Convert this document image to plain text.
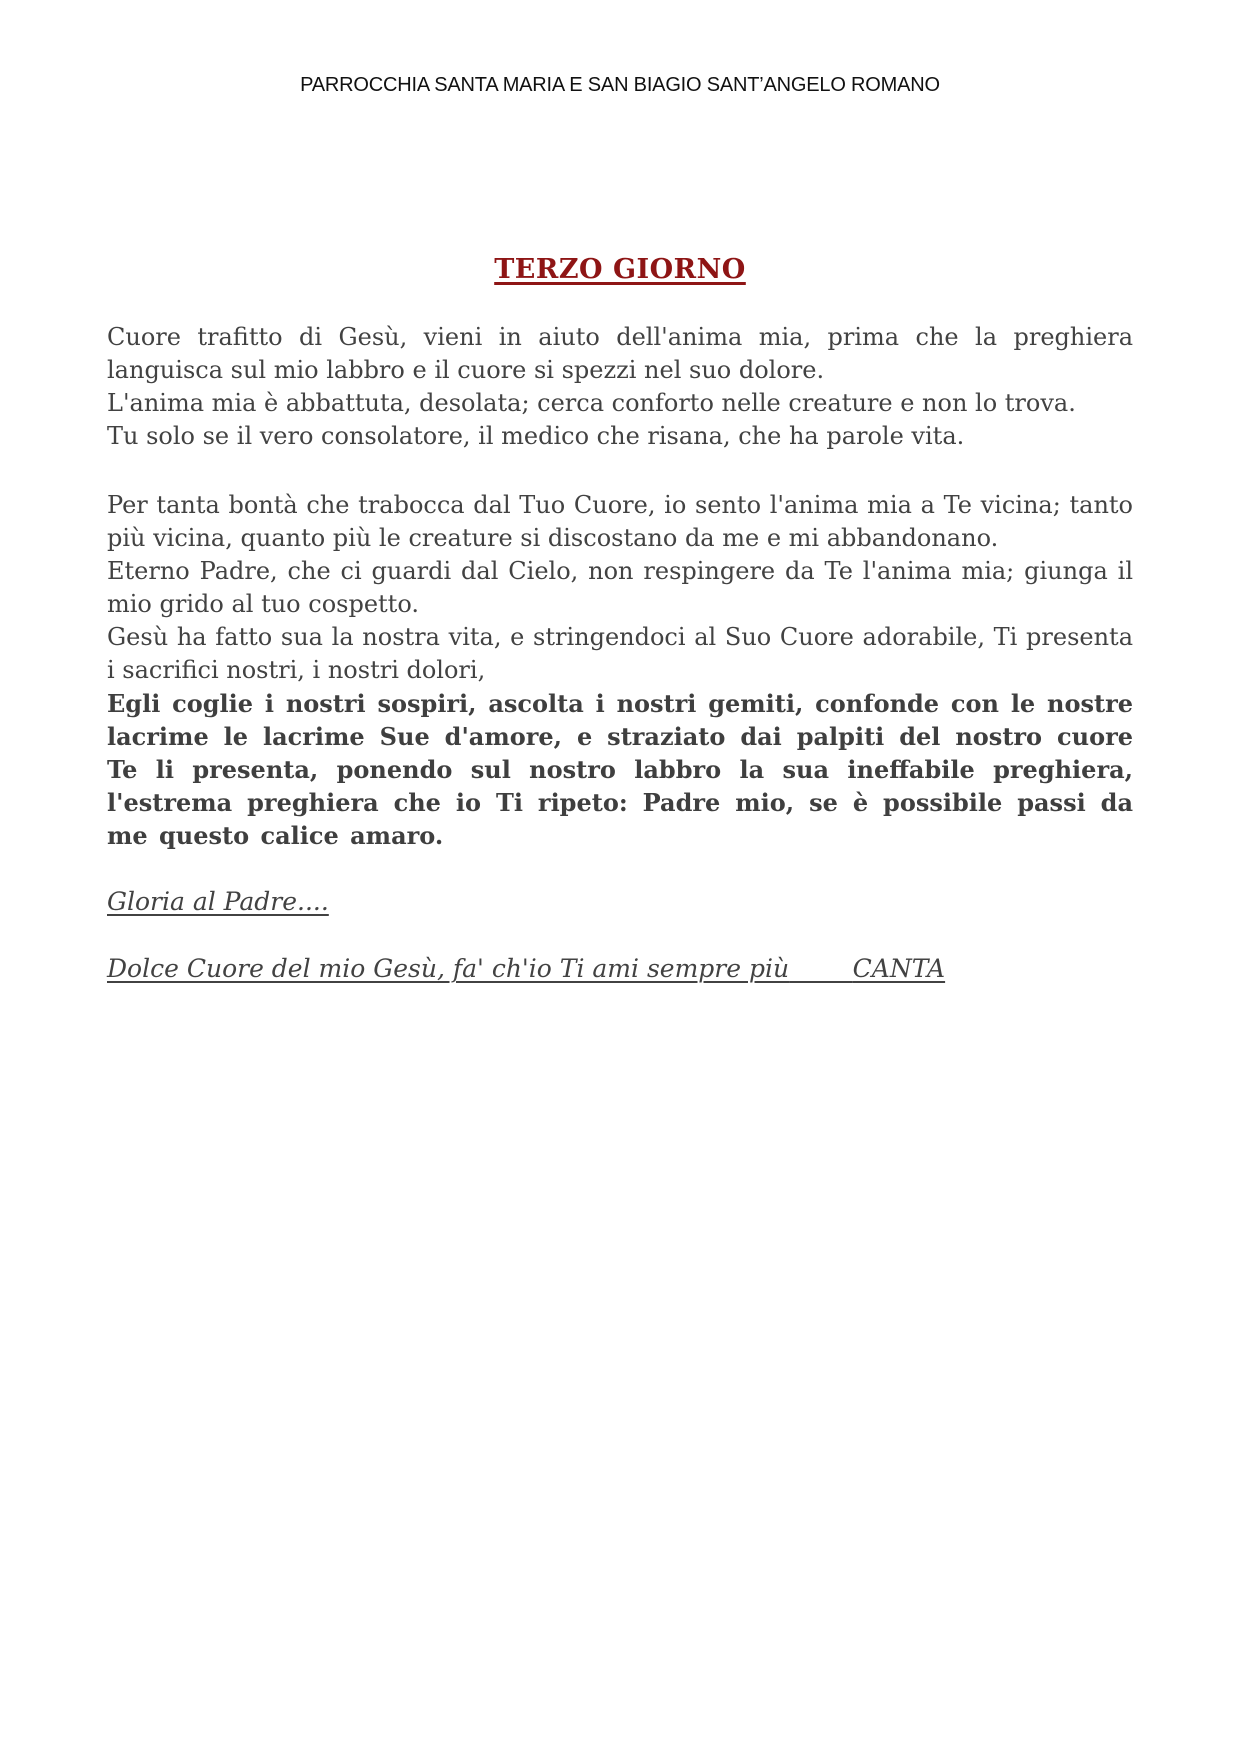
PARROCCHIA SANTA MARIA E SAN BIAGIO SANT’ANGELO ROMANO
TERZO GIORNO
Cuore trafitto di Gesù, vieni in aiuto dell'anima mia, prima che la preghiera languisca sul mio labbro e il cuore si spezzi nel suo dolore.
L'anima mia è abbattuta, desolata; cerca conforto nelle creature e non lo trova.
Tu solo se il vero consolatore, il medico che risana, che ha parole vita.
Per tanta bontà che trabocca dal Tuo Cuore, io sento l'anima mia a Te vicina; tanto più vicina, quanto più le creature si discostano da me e mi abbandonano.
Eterno Padre, che ci guardi dal Cielo, non respingere da Te l'anima mia; giunga il mio grido al tuo cospetto.
Gesù ha fatto sua la nostra vita, e stringendoci al Suo Cuore adorabile, Ti presenta i sacrifici nostri, i nostri dolori,
Egli coglie i nostri sospiri, ascolta i nostri gemiti, confonde con le nostre lacrime le lacrime Sue d'amore, e straziato dai palpiti del nostro cuore Te li presenta, ponendo sul nostro labbro la sua ineffabile preghiera, l'estrema preghiera che io Ti ripeto: Padre mio, se è possibile passi da me questo calice amaro.
Gloria al Padre....
Dolce Cuore del mio Gesù, fa' ch'io Ti ami sempre più	CANTA
